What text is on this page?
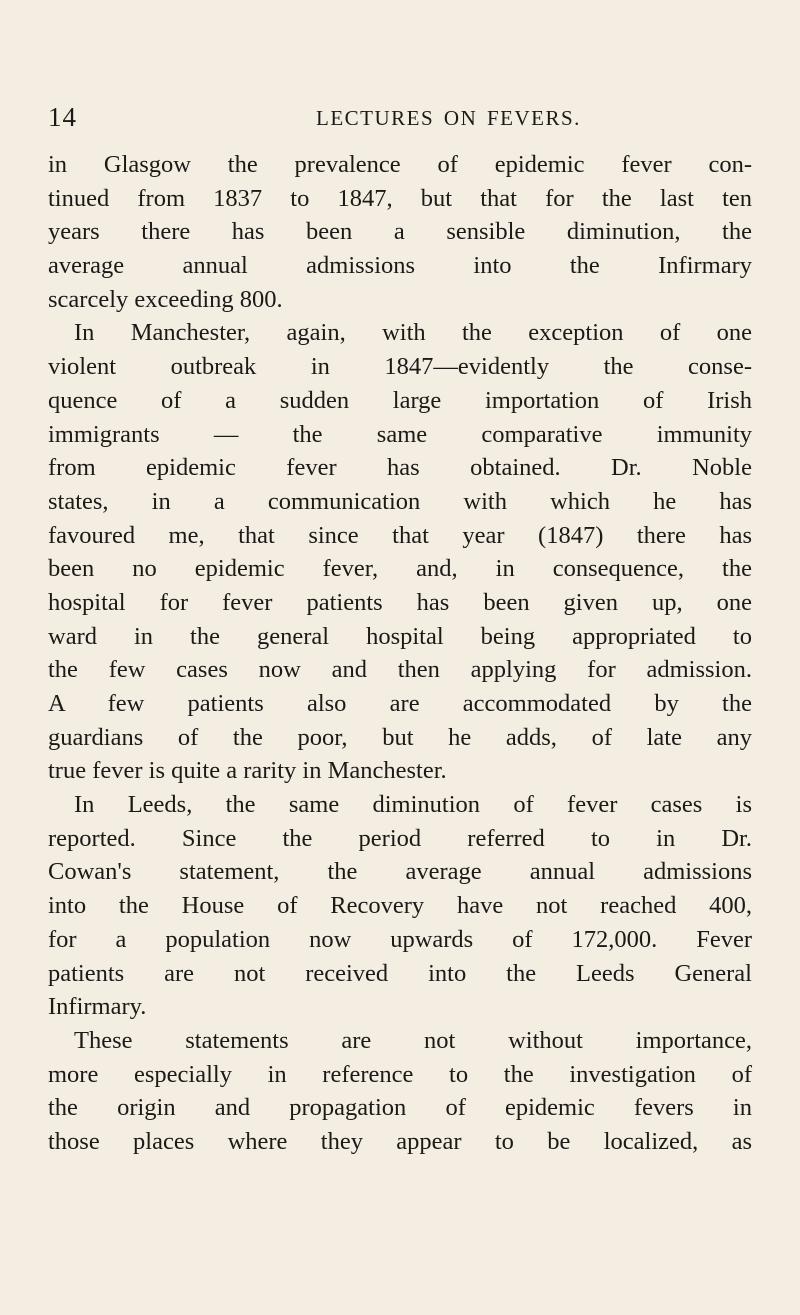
14	LECTURES ON FEVERS.
in Glasgow the prevalence of epidemic fever con-
tinued from 1837 to 1847, but that for the last ten
years there has been a sensible diminution, the
average annual admissions into the Infirmary
scarcely exceeding 800.
In Manchester, again, with the exception of one
violent outbreak in 1847—evidently the conse-
quence of a sudden large importation of Irish
immigrants — the same comparative immunity
from epidemic fever has obtained. Dr. Noble
states, in a communication with which he has
favoured me, that since that year (1847) there has
been no epidemic fever, and, in consequence, the
hospital for fever patients has been given up, one
ward in the general hospital being appropriated to
the few cases now and then applying for admission.
A few patients also are accommodated by the
guardians of the poor, but he adds, of late any
true fever is quite a rarity in Manchester.
In Leeds, the same diminution of fever cases is
reported. Since the period referred to in Dr.
Cowan's statement, the average annual admissions
into the House of Recovery have not reached 400,
for a population now upwards of 172,000. Fever
patients are not received into the Leeds General
Infirmary.
These statements are not without importance,
more especially in reference to the investigation of
the origin and propagation of epidemic fevers in
those places where they appear to be localized, as
